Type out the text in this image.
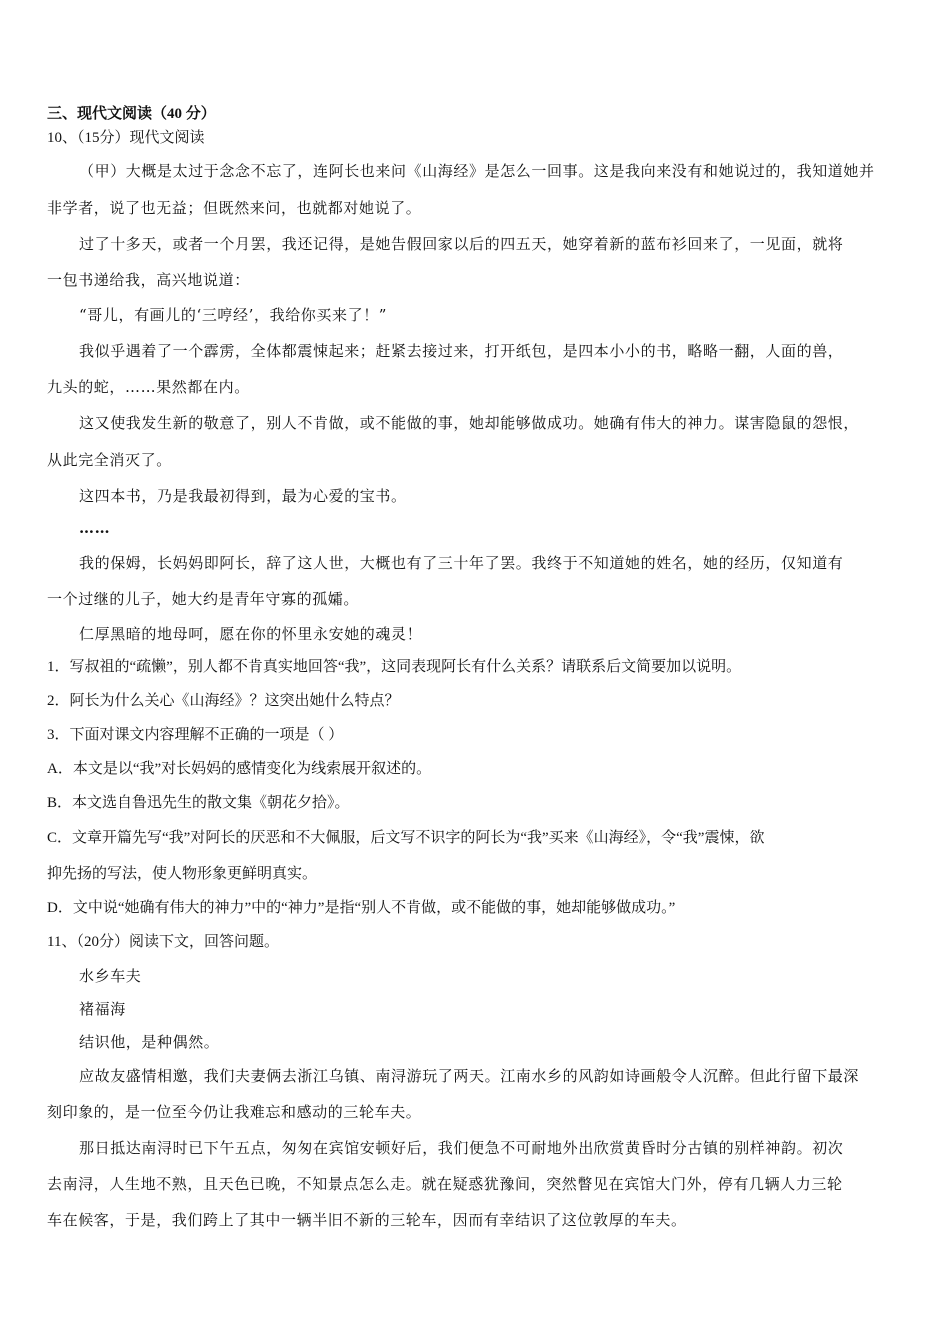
三、现代文阅读（40 分）
10、（15分）现代文阅读
（甲）大概是太过于念念不忘了，连阿长也来问《山海经》是怎么一回事。这是我向来没有和她说过的，我知道她并
非学者，说了也无益；但既然来问，也就都对她说了。
过了十多天，或者一个月罢，我还记得，是她告假回家以后的四五天，她穿着新的蓝布衫回来了，一见面，就将
一包书递给我，高兴地说道：
“哥儿，有画儿的‘三哼经’，我给你买来了！”
我似乎遇着了一个霹雳，全体都震悚起来；赶紧去接过来，打开纸包，是四本小小的书，略略一翻，人面的兽，
九头的蛇，……果然都在内。
这又使我发生新的敬意了，别人不肯做，或不能做的事，她却能够做成功。她确有伟大的神力。谋害隐鼠的怨恨，
从此完全消灭了。
这四本书，乃是我最初得到，最为心爱的宝书。
……
我的保姆，长妈妈即阿长，辞了这人世，大概也有了三十年了罢。我终于不知道她的姓名，她的经历，仅知道有
一个过继的儿子，她大约是青年守寡的孤孀。
仁厚黑暗的地母呵，愿在你的怀里永安她的魂灵！
1．写叔祖的“疏懒”，别人都不肯真实地回答“我”，这同表现阿长有什么关系？请联系后文简要加以说明。
2．阿长为什么关心《山海经》？这突出她什么特点？
3．下面对课文内容理解不正确的一项是（ ）
A．本文是以“我”对长妈妈的感情变化为线索展开叙述的。
B．本文选自鲁迅先生的散文集《朝花夕拾》。
C．文章开篇先写“我”对阿长的厌恶和不大佩服，后文写不识字的阿长为“我”买来《山海经》，令“我”震悚，欲
抑先扬的写法，使人物形象更鲜明真实。
D．文中说“她确有伟大的神力”中的“神力”是指“别人不肯做，或不能做的事，她却能够做成功。”
11、（20分）阅读下文，回答问题。
水乡车夫
褚福海
结识他，是种偶然。
应故友盛情相邀，我们夫妻俩去浙江乌镇、南浔游玩了两天。江南水乡的风韵如诗画般令人沉醉。但此行留下最深
刻印象的，是一位至今仍让我难忘和感动的三轮车夫。
那日抵达南浔时已下午五点，匆匆在宾馆安顿好后，我们便急不可耐地外出欣赏黄昏时分古镇的别样神韵。初次
去南浔，人生地不熟，且天色已晚，不知景点怎么走。就在疑惑犹豫间，突然瞥见在宾馆大门外，停有几辆人力三轮
车在候客，于是，我们跨上了其中一辆半旧不新的三轮车，因而有幸结识了这位敦厚的车夫。
